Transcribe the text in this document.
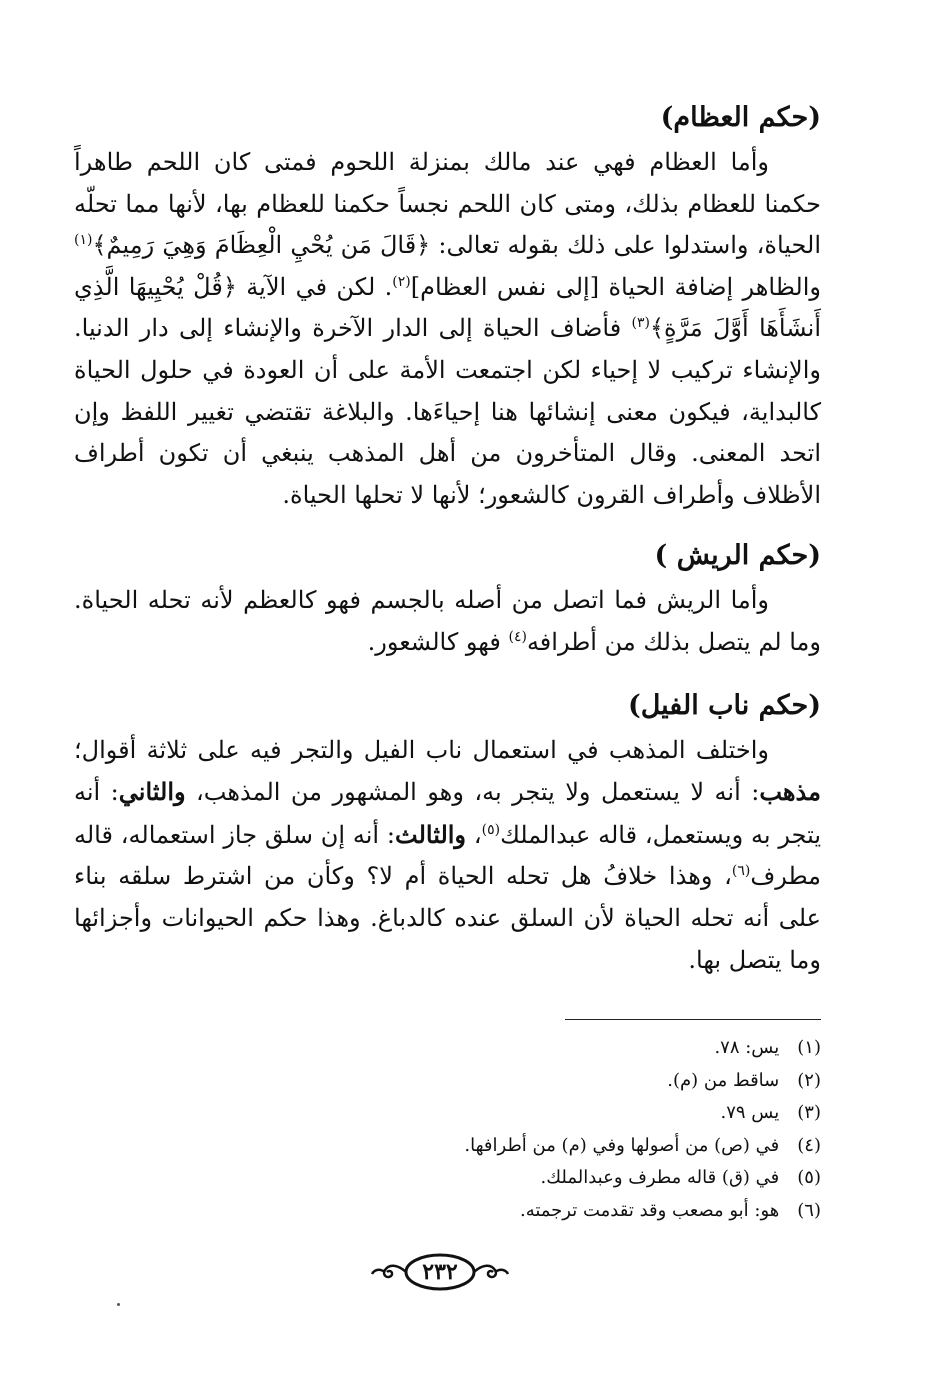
(حكم العظام)

وأما العظام فهي عند مالك بمنزلة اللحوم فمتى كان اللحم طاهراً حكمنا للعظام بذلك، ومتى كان اللحم نجساً حكمنا للعظام بها، لأنها مما تحلّه الحياة، واستدلوا على ذلك بقوله تعالى: ﴿قَالَ مَن يُحْيِ الْعِظَامَ وَهِيَ رَمِيمٌ﴾$^{(١)}$ والظاهر إضافة الحياة [إلى نفس العظام]$^{(٢)}$. لكن في الآية ﴿قُلْ يُحْيِيهَا الَّذِي أَنشَأَهَا أَوَّلَ مَرَّةٍ﴾$^{(٣)}$ فأضاف الحياة إلى الدار الآخرة والإنشاء إلى دار الدنيا. والإنشاء تركيب لا إحياء لكن اجتمعت الأمة على أن العودة في حلول الحياة كالبداية، فيكون معنى إنشائها هنا إحياءَها. والبلاغة تقتضي تغيير اللفظ وإن اتحد المعنى. وقال المتأخرون من أهل المذهب ينبغي أن تكون أطراف الأظلاف وأطراف القرون كالشعور؛ لأنها لا تحلها الحياة.

(حكم الريش )

وأما الريش فما اتصل من أصله بالجسم فهو كالعظم لأنه تحله الحياة. وما لم يتصل بذلك من أطرافه$^{(٤)}$ فهو كالشعور.

(حكم ناب الفيل)

واختلف المذهب في استعمال ناب الفيل والتجر فيه على ثلاثة أقوال؛ مذهب: أنه لا يستعمل ولا يتجر به، وهو المشهور من المذهب، والثاني: أنه يتجر به ويستعمل، قاله عبدالملك$^{(٥)}$، والثالث: أنه إن سلق جاز استعماله، قاله مطرف$^{(٦)}$، وهذا خلافُ هل تحله الحياة أم لا؟ وكأن من اشترط سلقه بناء على أنه تحله الحياة لأن السلق عنده كالدباغ. وهذا حكم الحيوانات وأجزائها وما يتصل بها.

(١)يس: ٧٨.
(٢)ساقط من (م).
(٣)يس ٧٩.
(٤)في (ص) من أصولها وفي (م) من أطرافها.
(٥)في (ق) قاله مطرف وعبدالملك.
(٦)هو: أبو مصعب وقد تقدمت ترجمته.
٢٣٢
